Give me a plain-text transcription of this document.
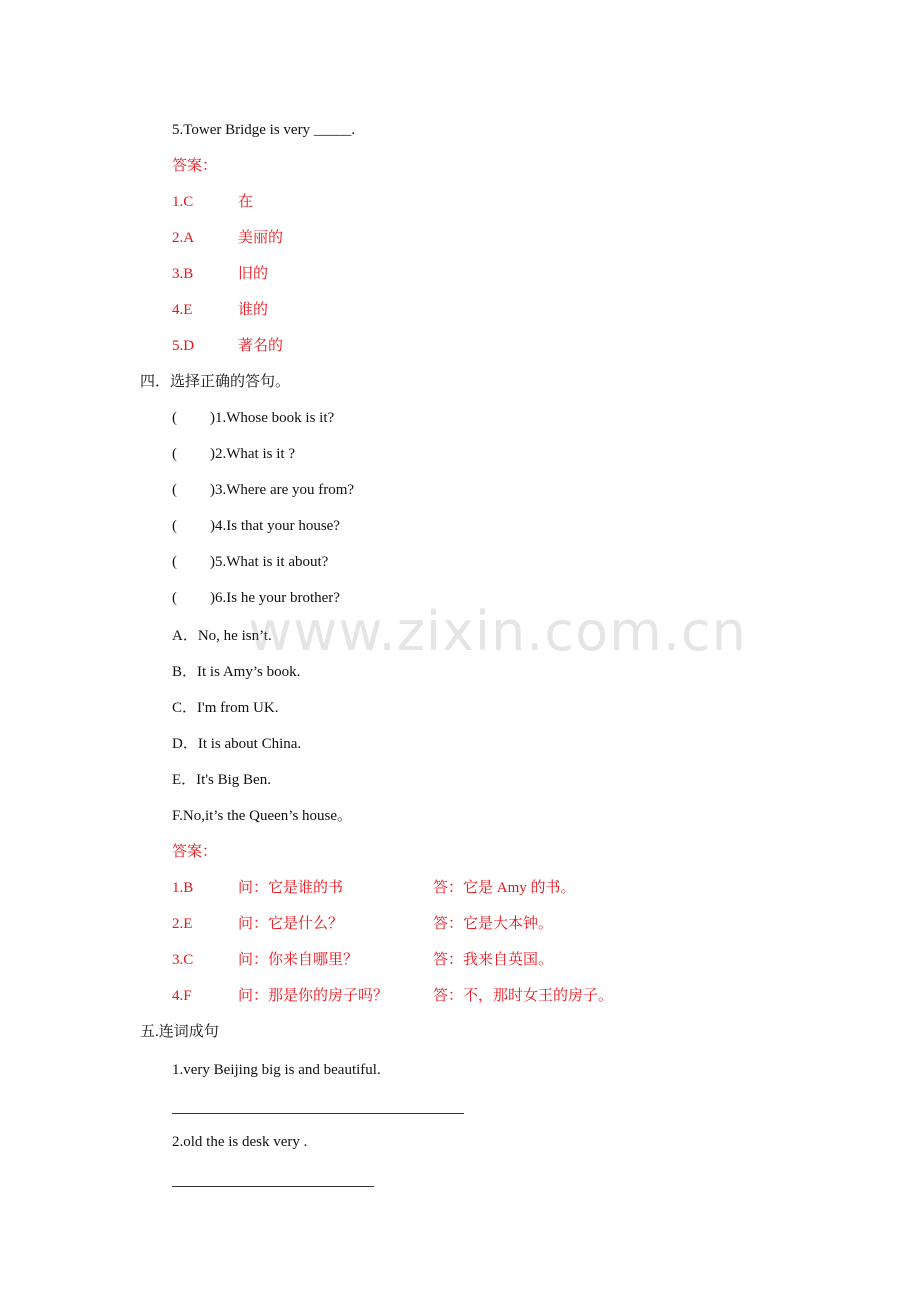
5.Tower Bridge is very _____.
答案：
1.C	在
2.A	美丽的
3.B	旧的
4.E	谁的
5.D	著名的
四．选择正确的答句。
( )1.Whose book is it?
( )2.What is it ?
( )3.Where are you from?
( )4.Is that your house?
( )5.What is it about?
( )6.Is he your brother?
A．No, he isn’t.
B．It is Amy’s book.
C．I'm from UK.
D．It is about China.
E．It's Big Ben.
F.No,it’s the Queen’s house。
答案：
1.B	问：它是谁的书	答：它是 Amy 的书。
2.E	问：它是什么？	答：它是大本钟。
3.C	问：你来自哪里？	答：我来自英国。
4.F	问：那是你的房子吗？	答：不，那时女王的房子。
五.连词成句
1.very Beijing big is and beautiful.
2.old the is desk very .
www.zixin.com.cn
